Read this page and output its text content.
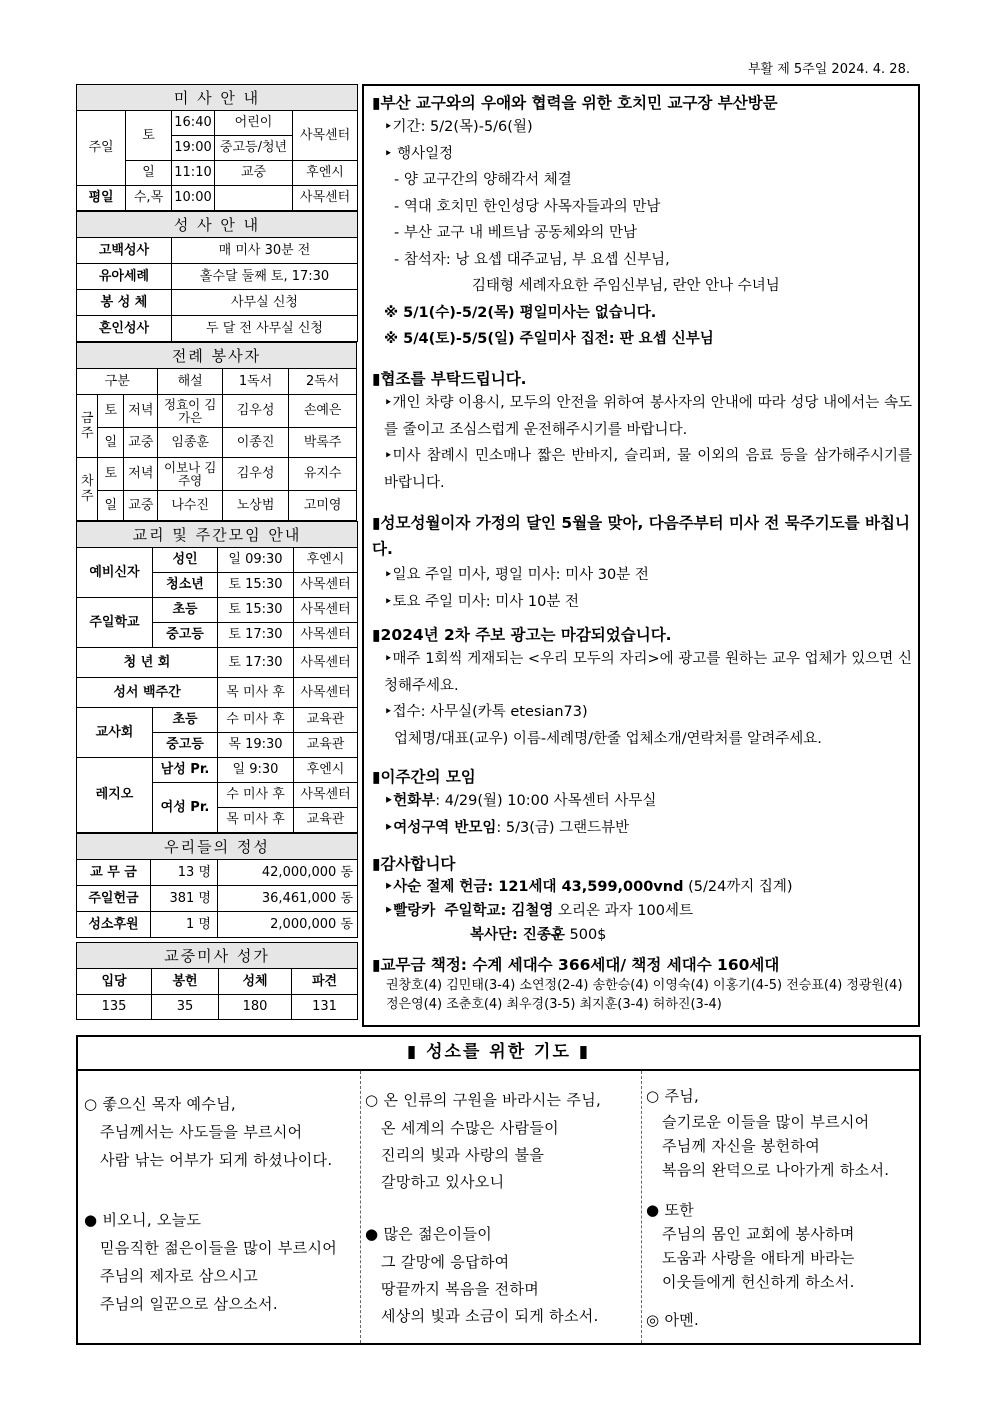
부활 제 5주일 2024. 4. 28.
미 사 안 내				
주일	토	16:40	어린이	사목센터
		19:00	중고등/청년	
	일	11:10	교중	후엔시
평일	수,목	10:00		사목센터
성 사 안 내	
고백성사	매 미사 30분 전
유아세례	홀수달 둘째 토, 17:30
봉 성 체	사무실 신청
혼인성사	두 달 전 사무실 신청
전례 봉사자					
구분			해설	1독서	2독서
금주	토	저녁	정효이 김가은	김우성	손예은
	일	교중	임종훈	이종진	박록주
차주	토	저녁	이보나 김주영	김우성	유지수
	일	교중	나수진	노상범	고미영
교리 및 주간모임 안내			
예비신자	성인	일 09:30	후엔시
	청소년	토 15:30	사목센터
주일학교	초등	토 15:30	사목센터
	중고등	토 17:30	사목센터
청 년 회		토 17:30	사목센터
성서 백주간		목 미사 후	사목센터
교사회	초등	수 미사 후	교육관
	중고등	목 19:30	교육관
레지오	남성 Pr.	일 9:30	후엔시
	여성 Pr.	수 미사 후	사목센터
		목 미사 후	교육관
우리들의 정성		
교 무 금	13 명	42,000,000 동
주일헌금	381 명	36,461,000 동
성소후원	1 명	2,000,000 동
교중미사 성가			
입당	봉헌	성체	파견
135	35	180	131
▮부산 교구와의 우애와 협력을 위한 호치민 교구장 부산방문
‣기간: 5/2(목)-5/6(월)
‣ 행사일정
- 양 교구간의 양해각서 체결
- 역대 호치민 한인성당 사목자들과의 만남
- 부산 교구 내 베트남 공동체와의 만남
- 참석자: 낭 요셉 대주교님, 부 요셉 신부님,
김태형 세례자요한 주임신부님, 란안 안나 수녀님
※ 5/1(수)-5/2(목) 평일미사는 없습니다.
※ 5/4(토)-5/5(일) 주일미사 집전: 판 요셉 신부님
▮협조를 부탁드립니다.
‣개인 차량 이용시, 모두의 안전을 위하여 봉사자의 안내에 따라 성당 내에서는 속도를 줄이고 조심스럽게 운전해주시기를 바랍니다.
‣미사 참례시 민소매나 짧은 반바지, 슬리퍼, 물 이외의 음료 등을 삼가해주시기를 바랍니다.
▮성모성월이자 가정의 달인 5월을 맞아, 다음주부터 미사 전 묵주기도를 바칩니다.
‣일요 주일 미사, 평일 미사: 미사 30분 전
‣토요 주일 미사: 미사 10분 전
▮2024년 2차 주보 광고는 마감되었습니다.
‣매주 1회씩 게재되는 <우리 모두의 자리>에 광고를 원하는 교우 업체가 있으면 신청해주세요.
‣접수: 사무실(카톡 etesian73)
업체명/대표(교우) 이름-세례명/한줄 업체소개/연락처를 알려주세요.
▮이주간의 모임
‣헌화부: 4/29(월) 10:00 사목센터 사무실
‣여성구역 반모임: 5/3(금) 그랜드뷰반
▮감사합니다
‣사순 절제 헌금: 121세대 43,599,000vnd (5/24까지 집계)
‣빨랑카 주일학교: 김철영 오리온 과자 100세트
복사단: 진종훈 500$
▮교무금 책정: 수계 세대수 366세대/ 책정 세대수 160세대
권창호(4) 김민태(3-4) 소연정(2-4) 송한승(4) 이영숙(4) 이홍기(4-5) 전승표(4) 정광원(4) 정은영(4) 조춘호(4) 최우경(3-5) 최지훈(3-4) 허하진(3-4)
▮ 성소를 위한 기도 ▮
○ 좋으신 목자 예수님,
주님께서는 사도들을 부르시어
사람 낚는 어부가 되게 하셨나이다.
● 비오니, 오늘도
믿음직한 젊은이들을 많이 부르시어
주님의 제자로 삼으시고
주님의 일꾼으로 삼으소서.
○ 온 인류의 구원을 바라시는 주님,
온 세계의 수많은 사람들이
진리의 빛과 사랑의 불을
갈망하고 있사오니
● 많은 젊은이들이
그 갈망에 응답하여
땅끝까지 복음을 전하며
세상의 빛과 소금이 되게 하소서.
○ 주님,
슬기로운 이들을 많이 부르시어
주님께 자신을 봉헌하여
복음의 완덕으로 나아가게 하소서.
● 또한
주님의 몸인 교회에 봉사하며
도움과 사랑을 애타게 바라는
이웃들에게 헌신하게 하소서.
◎ 아멘.
